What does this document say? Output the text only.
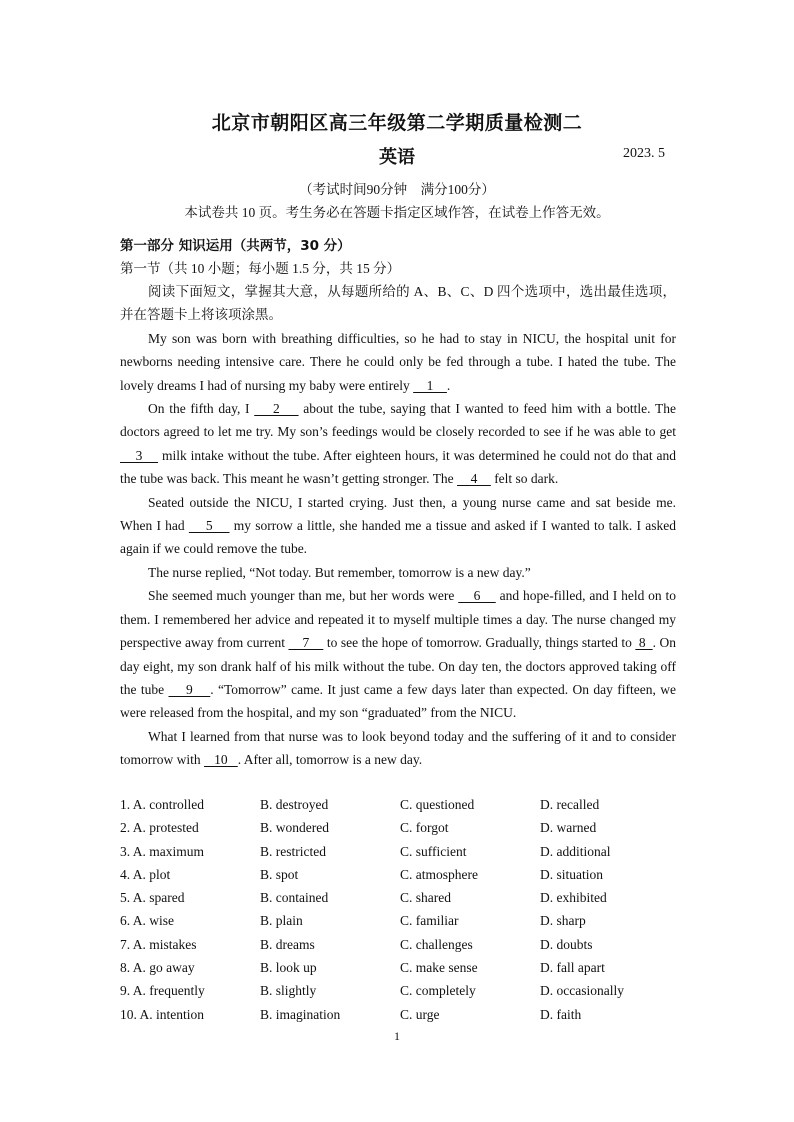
北京市朝阳区高三年级第二学期质量检测二
英语	2023. 5
（考试时间90分钟　满分100分）
本试卷共 10 页。考生务必在答题卡指定区域作答，在试卷上作答无效。
第一部分 知识运用（共两节，30 分）
第一节（共 10 小题；每小题 1.5 分，共 15 分）

阅读下面短文，掌握其大意，从每题所给的 A、B、C、D 四个选项中，选出最佳选项，并在答题卡上将该项涂黑。

My son was born with breathing difficulties, so he had to stay in NICU, the hospital unit for newborns needing intensive care. There he could only be fed through a tube. I hated the tube. The lovely dreams I had of nursing my baby were entirely     1    .

On the fifth day, I     2     about the tube, saying that I wanted to feed him with a bottle. The doctors agreed to let me try. My son’s feedings would be closely recorded to see if he was able to get     3     milk intake without the tube. After eighteen hours, it was determined he could not do that and the tube was back. This meant he wasn’t getting stronger. The     4     felt so dark.

Seated outside the NICU, I started crying. Just then, a young nurse came and sat beside me. When I had     5     my sorrow a little, she handed me a tissue and asked if I wanted to talk. I asked again if we could remove the tube.

The nurse replied, “Not today. But remember, tomorrow is a new day.”

She seemed much younger than me, but her words were     6     and hope-filled, and I held on to them. I remembered her advice and repeated it to myself multiple times a day. The nurse changed my perspective away from current     7     to see the hope of tomorrow. Gradually, things started to  8  . On day eight, my son drank half of his milk without the tube. On day ten, the doctors approved taking off the tube     9    . “Tomorrow” came. It just came a few days later than expected. On day fifteen, we were released from the hospital, and my son “graduated” from the NICU.

What I learned from that nurse was to look beyond today and the suffering of it and to consider tomorrow with    10   . After all, tomorrow is a new day.

1. A. controlled	B. destroyed	C. questioned	D. recalled
2. A. protested	B. wondered	C. forgot	D. warned
3. A. maximum	B. restricted	C. sufficient	D. additional
4. A. plot	B. spot	C. atmosphere	D. situation
5. A. spared	B. contained	C. shared	D. exhibited
6. A. wise	B. plain	C. familiar	D. sharp
7. A. mistakes	B. dreams	C. challenges	D. doubts
8. A. go away	B. look up	C. make sense	D. fall apart
9. A. frequently	B. slightly	C. completely	D. occasionally
10. A. intention	B. imagination	C. urge	D. faith
1
